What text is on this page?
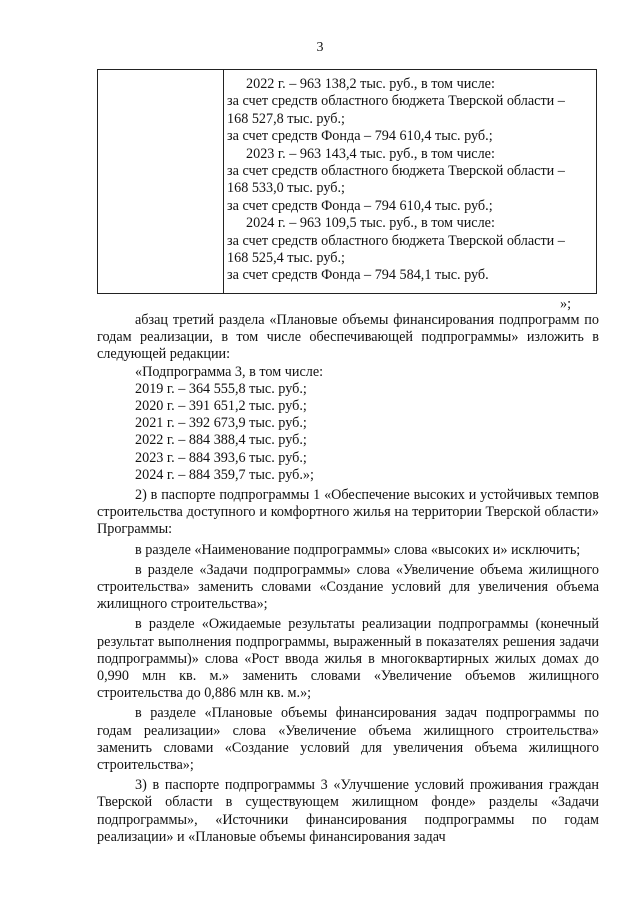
3
2022 г. – 963 138,2 тыс. руб., в том числе:
за счет средств областного бюджета Тверской области –
168 527,8 тыс. руб.;
за счет средств Фонда – 794 610,4 тыс. руб.;
2023 г. – 963 143,4 тыс. руб., в том числе:
за счет средств областного бюджета Тверской области –
168 533,0 тыс. руб.;
за счет средств Фонда – 794 610,4 тыс. руб.;
2024 г. – 963 109,5 тыс. руб., в том числе:
за счет средств областного бюджета Тверской области –
168 525,4 тыс. руб.;
за счет средств Фонда – 794 584,1 тыс. руб.
»;

абзац третий раздела «Плановые объемы финансирования подпрограмм по годам реализации, в том числе обеспечивающей подпрограммы» изложить в следующей редакции:

«Подпрограмма 3, в том числе:

2019 г. – 364 555,8 тыс. руб.;

2020 г. – 391 651,2 тыс. руб.;

2021 г. – 392 673,9 тыс. руб.;

2022 г. – 884 388,4 тыс. руб.;

2023 г. – 884 393,6 тыс. руб.;

2024 г. – 884 359,7 тыс. руб.»;

2) в паспорте подпрограммы 1 «Обеспечение высоких и устойчивых темпов строительства доступного и комфортного жилья на территории Тверской области» Программы:

в разделе «Наименование подпрограммы» слова «высоких и» исключить;

в разделе «Задачи подпрограммы» слова «Увеличение объема жилищного строительства» заменить словами «Создание условий для увеличения объема жилищного строительства»;

в разделе «Ожидаемые результаты реализации подпрограммы (конечный результат выполнения подпрограммы, выраженный в показателях решения задачи подпрограммы)» слова «Рост ввода жилья в многоквартирных жилых домах до 0,990 млн кв. м.» заменить словами «Увеличение объемов жилищного строительства до 0,886 млн кв. м.»;

в разделе «Плановые объемы финансирования задач подпрограммы по годам реализации» слова «Увеличение объема жилищного строительства» заменить словами «Создание условий для увеличения объема жилищного строительства»;

3) в паспорте подпрограммы 3 «Улучшение условий проживания граждан Тверской области в существующем жилищном фонде» разделы «Задачи подпрограммы», «Источники финансирования подпрограммы по годам реализации» и «Плановые объемы финансирования задач
